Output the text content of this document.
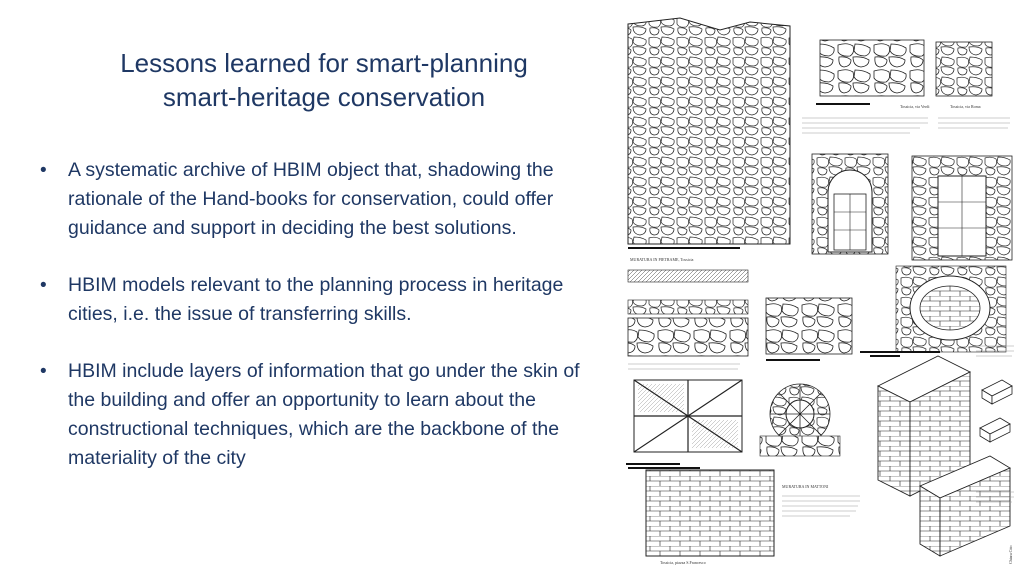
Lessons learned for smart-planning
smart-heritage conservation
• A systematic archive of HBIM object that, shadowing the rationale of the Hand-books for conservation, could offer guidance and support in deciding the best solutions.
• HBIM models relevant to the planning process in heritage cities, i.e. the issue of transferring skills.
• HBIM include layers of information that go under the skin of the building and offer an opportunity to learn about the constructional techniques, which are the backbone of the materiality of the city
MURATURA IN PIETRAME, Tossicia
Tossicia, via Verdi	Tossicia, via Roma
Tossicia, piazza S.Francesco
MURATURA IN MATTONI
Chiara Cito
